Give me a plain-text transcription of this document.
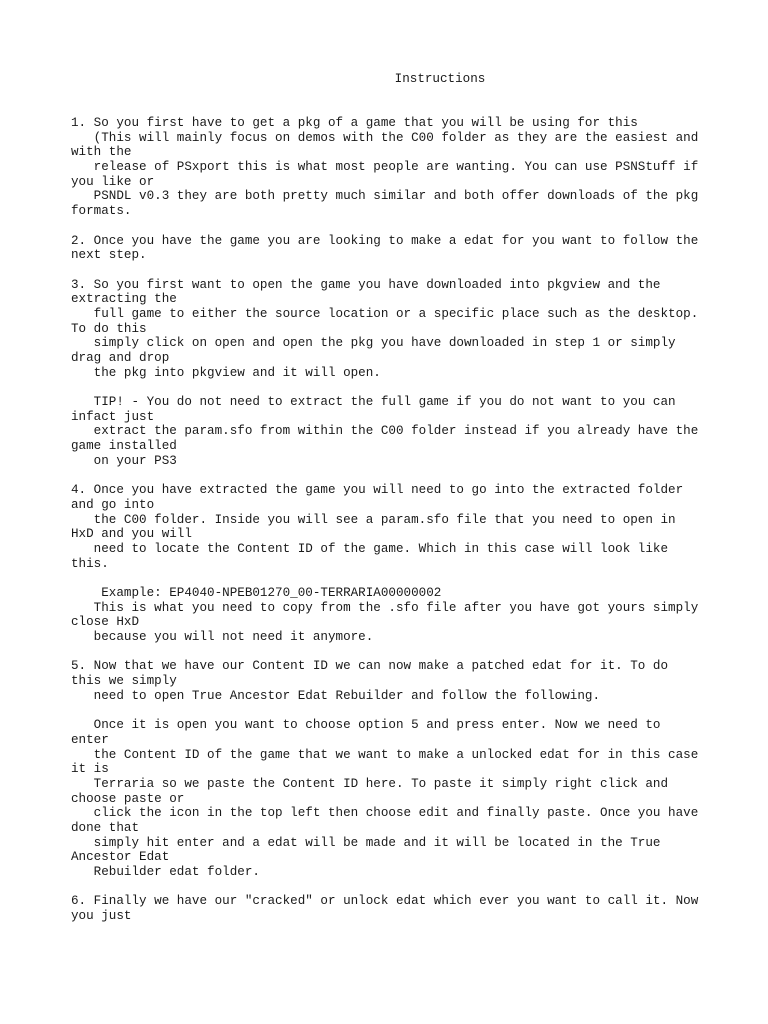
Instructions
1. So you first have to get a pkg of a game that you will be using for this
(This will mainly focus on demos with the C00 folder as they are the easiest and
with the
release of PSxport this is what most people are wanting. You can use PSNStuff if
you like or
PSNDL v0.3 they are both pretty much similar and both offer downloads of the pkg
formats.
2. Once you have the game you are looking to make a edat for you want to follow the
next step.
3. So you first want to open the game you have downloaded into pkgview and the
extracting the
full game to either the source location or a specific place such as the desktop.
To do this
simply click on open and open the pkg you have downloaded in step 1 or simply
drag and drop
the pkg into pkgview and it will open.
TIP! - You do not need to extract the full game if you do not want to you can
infact just
extract the param.sfo from within the C00 folder instead if you already have the
game installed
on your PS3
4. Once you have extracted the game you will need to go into the extracted folder
and go into
the C00 folder. Inside you will see a param.sfo file that you need to open in
HxD and you will
need to locate the Content ID of the game. Which in this case will look like
this.
Example: EP4040-NPEB01270_00-TERRARIA00000002
This is what you need to copy from the .sfo file after you have got yours simply
close HxD
because you will not need it anymore.
5. Now that we have our Content ID we can now make a patched edat for it. To do
this we simply
need to open True Ancestor Edat Rebuilder and follow the following.
Once it is open you want to choose option 5 and press enter. Now we need to
enter
the Content ID of the game that we want to make a unlocked edat for in this case
it is
Terraria so we paste the Content ID here. To paste it simply right click and
choose paste or
click the icon in the top left then choose edit and finally paste. Once you have
done that
simply hit enter and a edat will be made and it will be located in the True
Ancestor Edat
Rebuilder edat folder.
6. Finally we have our "cracked" or unlock edat which ever you want to call it. Now
you just
